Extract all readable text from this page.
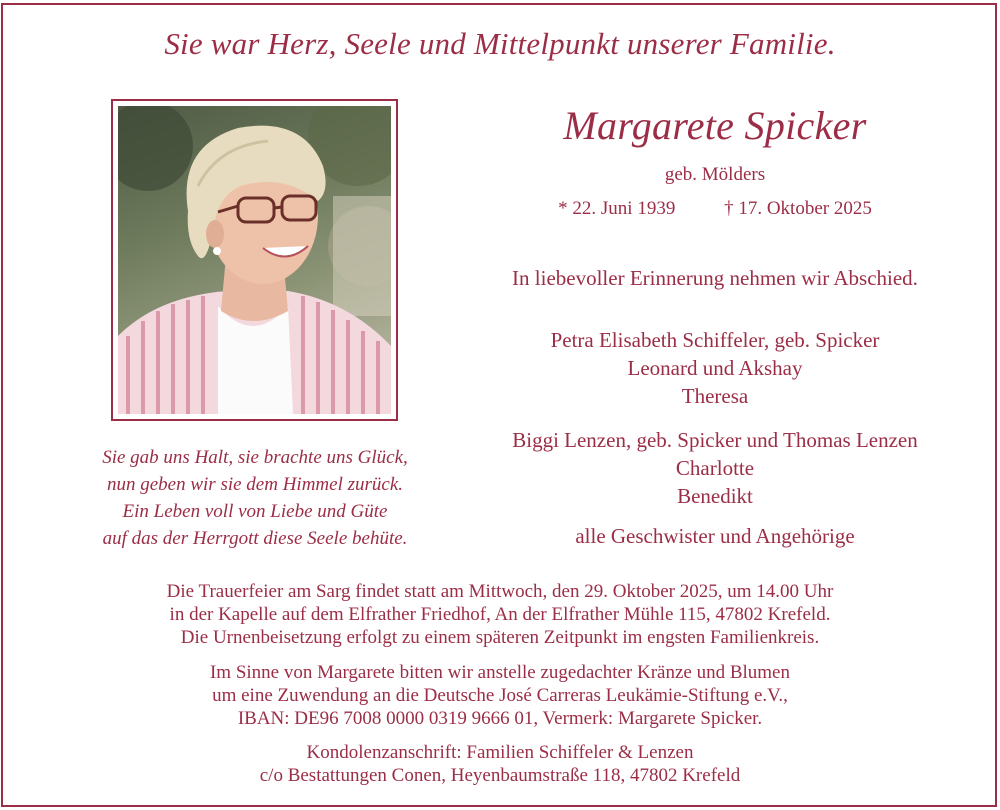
Sie war Herz, Seele und Mittelpunkt unserer Familie.
Margarete Spicker
geb. Mölders
* 22. Juni 1939	† 17. Oktober 2025
In liebevoller Erinnerung nehmen wir Abschied.
Petra Elisabeth Schiffeler, geb. Spicker
Leonard und Akshay
Theresa
Biggi Lenzen, geb. Spicker und Thomas Lenzen
Charlotte
Benedikt
alle Geschwister und Angehörige
Sie gab uns Halt, sie brachte uns Glück,
nun geben wir sie dem Himmel zurück.
Ein Leben voll von Liebe und Güte
auf das der Herrgott diese Seele behüte.
Die Trauerfeier am Sarg findet statt am Mittwoch, den 29. Oktober 2025, um 14.00 Uhr
in der Kapelle auf dem Elfrather Friedhof, An der Elfrather Mühle 115, 47802 Krefeld.
Die Urnenbeisetzung erfolgt zu einem späteren Zeitpunkt im engsten Familienkreis.
Im Sinne von Margarete bitten wir anstelle zugedachter Kränze und Blumen
um eine Zuwendung an die Deutsche José Carreras Leukämie-Stiftung e.V.,
IBAN: DE96 7008 0000 0319 9666 01, Vermerk: Margarete Spicker.
Kondolenzanschrift: Familien Schiffeler & Lenzen
c/o Bestattungen Conen, Heyenbaumstraße 118, 47802 Krefeld
